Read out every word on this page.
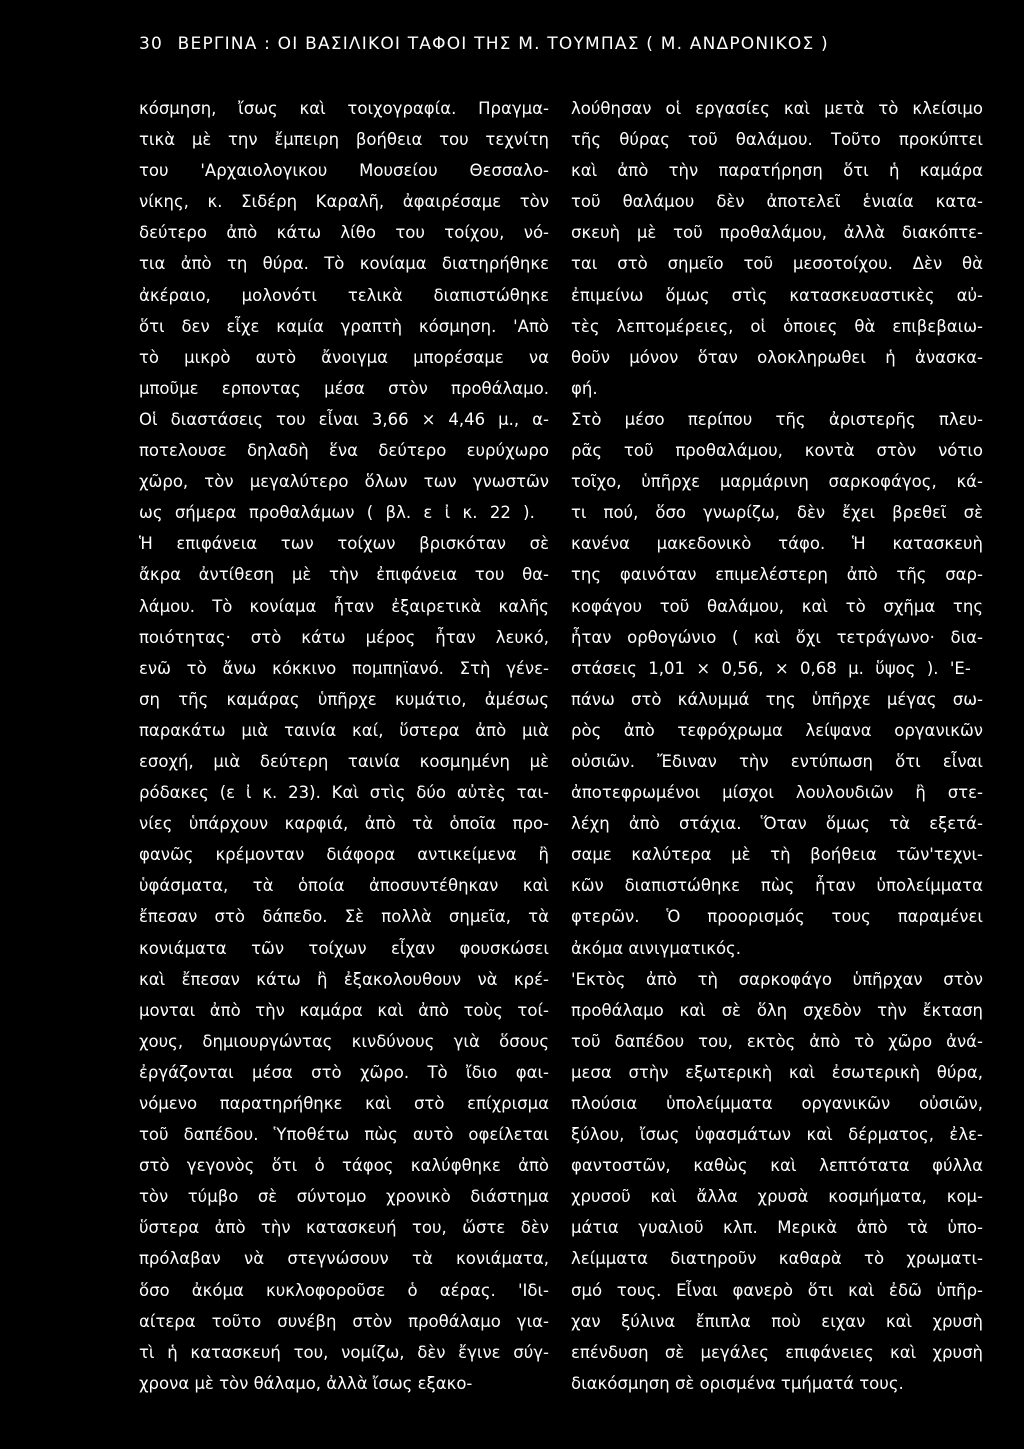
30 ΒΕΡΓΙΝΑ : ΟΙ ΒΑΣΙΛΙΚΟΙ ΤΑΦΟΙ ΤΗΣ Μ. ΤΟΥΜΠΑΣ ( Μ. ΑΝΔΡΟΝΙΚΟΣ )
κόσμηση, ἴσως καὶ τοιχογραφία. Πραγμα-
τικὰ μὲ την ἔμπειρη βοήθεια του τεχνίτη
του 'Αρχαιολογικου Μουσείου Θεσσαλο-
νίκης, κ. Σιδέρη Καραλῆ, ἀφαιρέσαμε τὸν
δεύτερο ἀπὸ κάτω λίθο του τοίχου, νό-
τια ἀπὸ τη θύρα. Τὸ κονίαμα διατηρήθηκε
ἀκέραιο, μολονότι τελικὰ διαπιστώθηκε
ὅτι δεν εἶχε καμία γραπτὴ κόσμηση. 'Απὸ
τὸ μικρὸ αυτὸ ἄνοιγμα μπορέσαμε να
μποῦμε ερποντας μέσα στὸν προθάλαμο.
Οἱ διαστάσεις του εἶναι 3,66 × 4,46 μ., α-
ποτελουσε δηλαδὴ ἕνα δεύτερο ευρύχωρο
χῶρο, τὸν μεγαλύτερο ὅλων των γνωστῶν
ως σήμερα προθαλάμων ( βλ. ε ἰ κ. 22 ).
Ἡ επιφάνεια των τοίχων βρισκόταν σὲ
ἄκρα ἀντίθεση μὲ τὴν ἐπιφάνεια του θα-
λάμου. Τὸ κονίαμα ἦταν ἐξαιρετικὰ καλῆς
ποιότητας· στὸ κάτω μέρος ἦταν λευκό,
ενῶ τὸ ἄνω κόκκινο πομπηϊανό. Στὴ γένε-
ση τῆς καμάρας ὑπῆρχε κυμάτιο, ἀμέσως
παρακάτω μιὰ ταινία καί, ὕστερα ἀπὸ μιὰ
εσοχή, μιὰ δεύτερη ταινία κοσμημένη μὲ
ρόδακες (ε ἰ κ. 23). Καὶ στὶς δύο αὐτὲς ται-
νίες ὑπάρχουν καρφιά, ἀπὸ τὰ ὁποῖα προ-
φανῶς κρέμονταν διάφορα αντικείμενα ἢ
ὑφάσματα, τὰ ὁποία ἀποσυντέθηκαν καὶ
ἔπεσαν στὸ δάπεδο. Σὲ πολλὰ σημεῖα, τὰ
κονιάματα τῶν τοίχων εἶχαν φουσκώσει
καὶ ἔπεσαν κάτω ἢ ἐξακολουθουν νὰ κρέ-
μονται ἀπὸ τὴν καμάρα καὶ ἀπὸ τοὺς τοί-
χους, δημιουργώντας κινδύνους γιὰ ὅσους
ἐργάζονται μέσα στὸ χῶρο. Τὸ ἴδιο φαι-
νόμενο παρατηρήθηκε καὶ στὸ επίχρισμα
τοῦ δαπέδου. Ὑποθέτω πὼς αυτὸ οφείλεται
στὸ γεγονὸς ὅτι ὁ τάφος καλύφθηκε ἀπὸ
τὸν τύμβο σὲ σύντομο χρονικὸ διάστημα
ὕστερα ἀπὸ τὴν κατασκευή του, ὥστε δὲν
πρόλαβαν νὰ στεγνώσουν τὰ κονιάματα,
ὅσο ἀκόμα κυκλοφοροῦσε ὁ αέρας. 'Ιδι-
αίτερα τοῦτο συνέβη στὸν προθάλαμο για-
τὶ ἡ κατασκευή του, νομίζω, δὲν ἔγινε σύγ-
χρονα μὲ τὸν θάλαμο, ἀλλὰ ἴσως εξακο-
λούθησαν οἱ εργασίες καὶ μετὰ τὸ κλείσιμο
τῆς θύρας τοῦ θαλάμου. Τοῦτο προκύπτει
καὶ ἀπὸ τὴν παρατήρηση ὅτι ἡ καμάρα
τοῦ θαλάμου δὲν ἀποτελεῖ ἑνιαία κατα-
σκευὴ μὲ τοῦ προθαλάμου, ἀλλὰ διακόπτε-
ται στὸ σημεῖο τοῦ μεσοτοίχου. Δὲν θὰ
ἐπιμείνω ὅμως στὶς κατασκευαστικὲς αὐ-
τὲς λεπτομέρειες, οἱ ὁποιες θὰ επιβεβαιω-
θοῦν μόνον ὅταν ολοκληρωθει ἡ ἀνασκα-
φή.
Στὸ μέσο περίπου τῆς ἀριστερῆς πλευ-
ρᾶς τοῦ προθαλάμου, κοντὰ στὸν νότιο
τοῖχο, ὑπῆρχε μαρμάρινη σαρκοφάγος, κά-
τι πού, ὅσο γνωρίζω, δὲν ἔχει βρεθεῖ σὲ
κανένα μακεδονικὸ τάφο. Ἡ κατασκευὴ
της φαινόταν επιμελέστερη ἀπὸ τῆς σαρ-
κοφάγου τοῦ θαλάμου, καὶ τὸ σχῆμα της
ἦταν ορθογώνιο ( καὶ ὄχι τετράγωνο· δια-
στάσεις 1,01 × 0,56, × 0,68 μ. ὕψος ). 'Ε-
πάνω στὸ κάλυμμά της ὑπῆρχε μέγας σω-
ρὸς ἀπὸ τεφρόχρωμα λείψανα οργανικῶν
οὐσιῶν. Ἔδιναν τὴν εντύπωση ὅτι εἶναι
ἀποτεφρωμένοι μίσχοι λουλουδιῶν ἢ στε-
λέχη ἀπὸ στάχια. Ὅταν ὅμως τὰ εξετά-
σαμε καλύτερα μὲ τὴ βοήθεια τῶν'τεχνι-
κῶν διαπιστώθηκε πὼς ἦταν ὑπολείμματα
φτερῶν. Ὁ προορισμός τους παραμένει
ἀκόμα αινιγματικός.
'Εκτὸς ἀπὸ τὴ σαρκοφάγο ὑπῆρχαν στὸν
προθάλαμο καὶ σὲ ὅλη σχεδὸν τὴν ἔκταση
τοῦ δαπέδου του, εκτὸς ἀπὸ τὸ χῶρο ἀνά-
μεσα στὴν εξωτερικὴ καὶ ἐσωτερικὴ θύρα,
πλούσια ὑπολείμματα οργανικῶν οὐσιῶν,
ξύλου, ἴσως ὑφασμάτων καὶ δέρματος, ἐλε-
φαντοστῶν, καθὼς καὶ λεπτότατα φύλλα
χρυσοῦ καὶ ἄλλα χρυσὰ κοσμήματα, κομ-
μάτια γυαλιοῦ κλπ. Μερικὰ ἀπὸ τὰ ὑπο-
λείμματα διατηροῦν καθαρὰ τὸ χρωματι-
σμό τους. Εἶναι φανερὸ ὅτι καὶ ἐδῶ ὑπῆρ-
χαν ξύλινα ἔπιπλα ποὺ ειχαν καὶ χρυσὴ
επένδυση σὲ μεγάλες επιφάνειες καὶ χρυσὴ
διακόσμηση σὲ ορισμένα τμήματά τους.
